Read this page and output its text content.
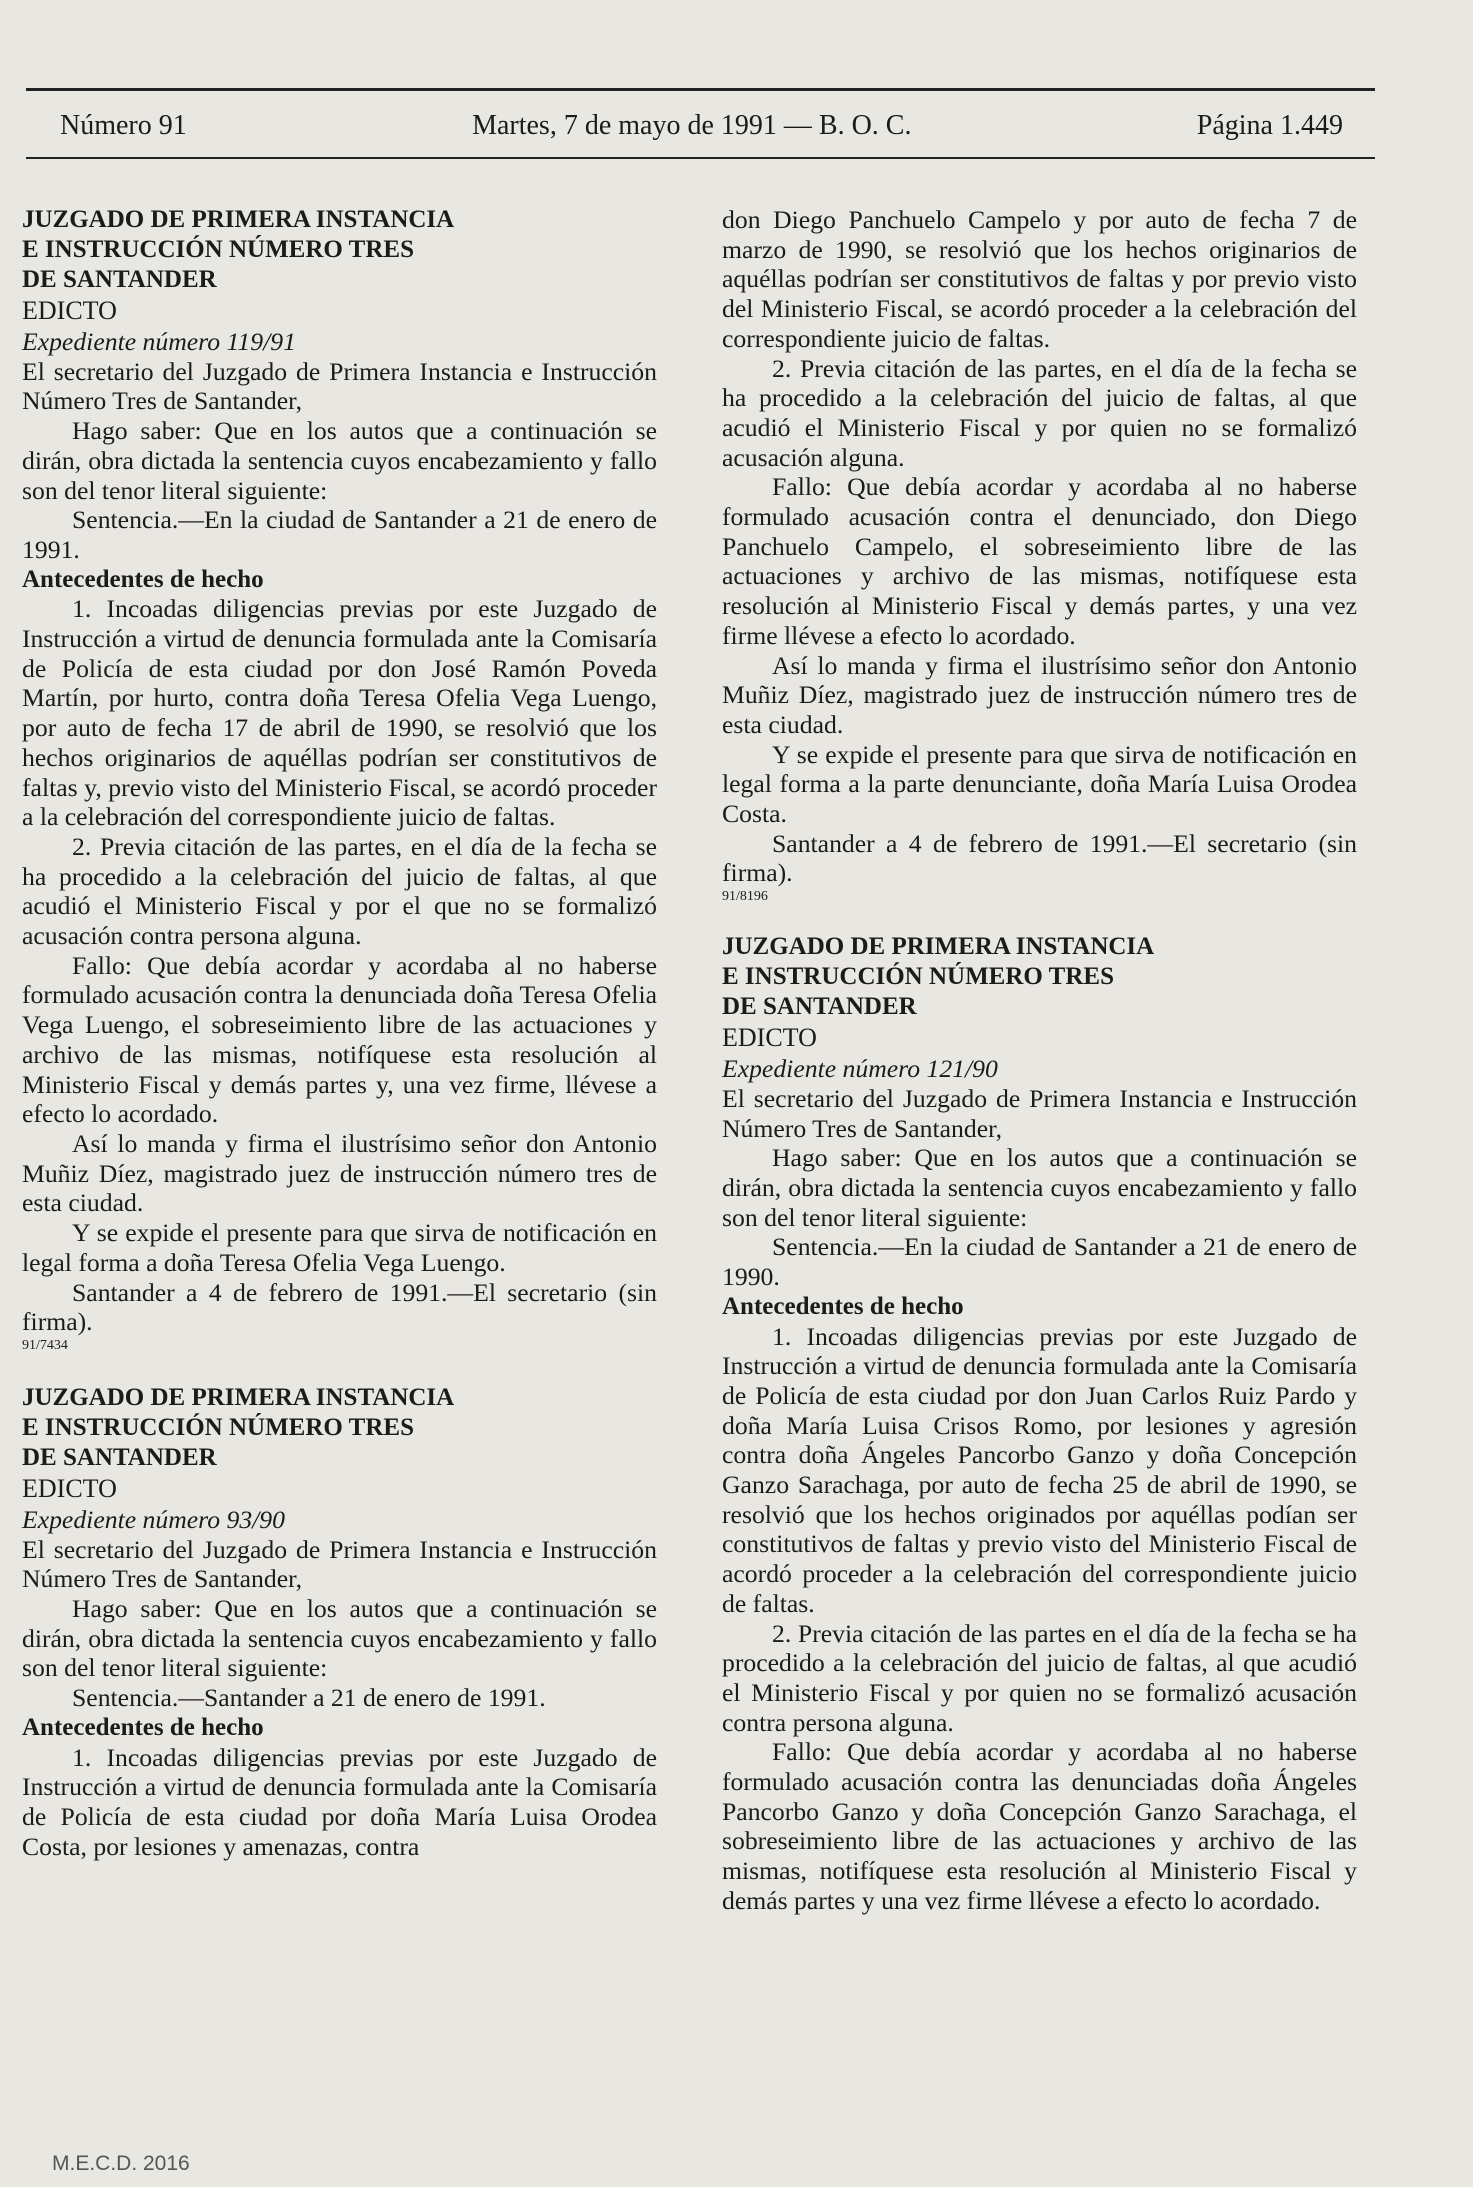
Número 91	Martes, 7 de mayo de 1991 — B. O. C.	Página 1.449

JUZGADO DE PRIMERA INSTANCIA

E INSTRUCCIÓN NÚMERO TRES

DE SANTANDER

EDICTO

Expediente número 119/91

El secretario del Juzgado de Primera Instancia e Instrucción Número Tres de Santander,

Hago saber: Que en los autos que a continuación se dirán, obra dictada la sentencia cuyos encabezamiento y fallo son del tenor literal siguiente:

Sentencia.—En la ciudad de Santander a 21 de enero de 1991.

Antecedentes de hecho

1. Incoadas diligencias previas por este Juzgado de Instrucción a virtud de denuncia formulada ante la Comisaría de Policía de esta ciudad por don José Ramón Poveda Martín, por hurto, contra doña Teresa Ofelia Vega Luengo, por auto de fecha 17 de abril de 1990, se resolvió que los hechos originarios de aquéllas podrían ser constitutivos de faltas y, previo visto del Ministerio Fiscal, se acordó proceder a la celebración del correspondiente juicio de faltas.

2. Previa citación de las partes, en el día de la fecha se ha procedido a la celebración del juicio de faltas, al que acudió el Ministerio Fiscal y por el que no se formalizó acusación contra persona alguna.

Fallo: Que debía acordar y acordaba al no haberse formulado acusación contra la denunciada doña Teresa Ofelia Vega Luengo, el sobreseimiento libre de las actuaciones y archivo de las mismas, notifíquese esta resolución al Ministerio Fiscal y demás partes y, una vez firme, llévese a efecto lo acordado.

Así lo manda y firma el ilustrísimo señor don Antonio Muñiz Díez, magistrado juez de instrucción número tres de esta ciudad.

Y se expide el presente para que sirva de notificación en legal forma a doña Teresa Ofelia Vega Luengo.

Santander a 4 de febrero de 1991.—El secretario (sin firma).

91/7434

JUZGADO DE PRIMERA INSTANCIA

E INSTRUCCIÓN NÚMERO TRES

DE SANTANDER

EDICTO

Expediente número 93/90

El secretario del Juzgado de Primera Instancia e Instrucción Número Tres de Santander,

Hago saber: Que en los autos que a continuación se dirán, obra dictada la sentencia cuyos encabezamiento y fallo son del tenor literal siguiente:

Sentencia.—Santander a 21 de enero de 1991.

Antecedentes de hecho

1. Incoadas diligencias previas por este Juzgado de Instrucción a virtud de denuncia formulada ante la Comisaría de Policía de esta ciudad por doña María Luisa Orodea Costa, por lesiones y amenazas, contra

don Diego Panchuelo Campelo y por auto de fecha 7 de marzo de 1990, se resolvió que los hechos originarios de aquéllas podrían ser constitutivos de faltas y por previo visto del Ministerio Fiscal, se acordó proceder a la celebración del correspondiente juicio de faltas.

2. Previa citación de las partes, en el día de la fecha se ha procedido a la celebración del juicio de faltas, al que acudió el Ministerio Fiscal y por quien no se formalizó acusación alguna.

Fallo: Que debía acordar y acordaba al no haberse formulado acusación contra el denunciado, don Diego Panchuelo Campelo, el sobreseimiento libre de las actuaciones y archivo de las mismas, notifíquese esta resolución al Ministerio Fiscal y demás partes, y una vez firme llévese a efecto lo acordado.

Así lo manda y firma el ilustrísimo señor don Antonio Muñiz Díez, magistrado juez de instrucción número tres de esta ciudad.

Y se expide el presente para que sirva de notificación en legal forma a la parte denunciante, doña María Luisa Orodea Costa.

Santander a 4 de febrero de 1991.—El secretario (sin firma).

91/8196

JUZGADO DE PRIMERA INSTANCIA

E INSTRUCCIÓN NÚMERO TRES

DE SANTANDER

EDICTO

Expediente número 121/90

El secretario del Juzgado de Primera Instancia e Instrucción Número Tres de Santander,

Hago saber: Que en los autos que a continuación se dirán, obra dictada la sentencia cuyos encabezamiento y fallo son del tenor literal siguiente:

Sentencia.—En la ciudad de Santander a 21 de enero de 1990.

Antecedentes de hecho

1. Incoadas diligencias previas por este Juzgado de Instrucción a virtud de denuncia formulada ante la Comisaría de Policía de esta ciudad por don Juan Carlos Ruiz Pardo y doña María Luisa Crisos Romo, por lesiones y agresión contra doña Ángeles Pancorbo Ganzo y doña Concepción Ganzo Sarachaga, por auto de fecha 25 de abril de 1990, se resolvió que los hechos originados por aquéllas podían ser constitutivos de faltas y previo visto del Ministerio Fiscal de acordó proceder a la celebración del correspondiente juicio de faltas.

2. Previa citación de las partes en el día de la fecha se ha procedido a la celebración del juicio de faltas, al que acudió el Ministerio Fiscal y por quien no se formalizó acusación contra persona alguna.

Fallo: Que debía acordar y acordaba al no haberse formulado acusación contra las denunciadas doña Ángeles Pancorbo Ganzo y doña Concepción Ganzo Sarachaga, el sobreseimiento libre de las actuaciones y archivo de las mismas, notifíquese esta resolución al Ministerio Fiscal y demás partes y una vez firme llévese a efecto lo acordado.

M.E.C.D. 2016
